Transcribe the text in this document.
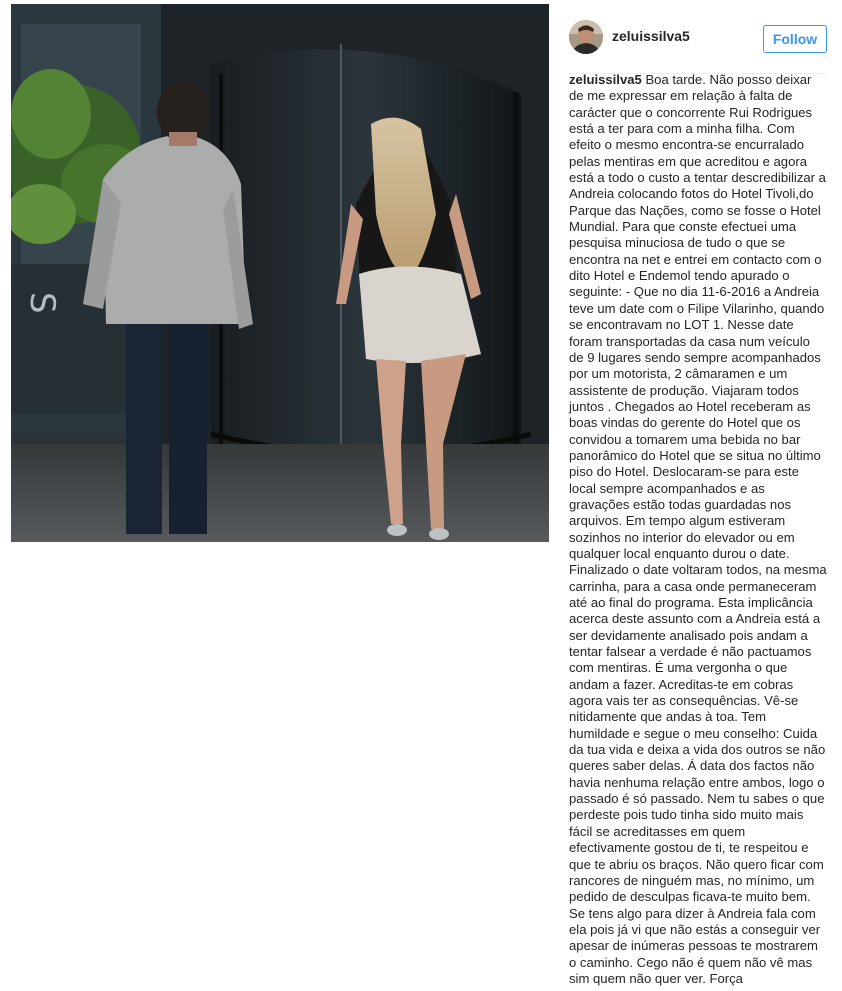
S
zeluissilva5	Follow
zeluissilva5 Boa tarde. Não posso deixar de me expressar em relação à falta de carácter que o concorrente Rui Rodrigues está a ter para com a minha filha. Com efeito o mesmo encontra-se encurralado pelas mentiras em que acreditou e agora está a todo o custo a tentar descredibilizar a Andreia colocando fotos do Hotel Tivoli,do Parque das Nações, como se fosse o Hotel Mundial. Para que conste efectuei uma pesquisa minuciosa de tudo o que se encontra na net e entrei em contacto com o dito Hotel e Endemol tendo apurado o seguinte: - Que no dia 11-6-2016 a Andreia teve um date com o Filipe Vilarinho, quando se encontravam no LOT 1. Nesse date foram transportadas da casa num veículo de 9 lugares sendo sempre acompanhados por um motorista, 2 câmaramen e um assistente de produção. Viajaram todos juntos . Chegados ao Hotel receberam as boas vindas do gerente do Hotel que os convidou a tomarem uma bebida no bar panorâmico do Hotel que se situa no último piso do Hotel. Deslocaram-se para este local sempre acompanhados e as gravações estão todas guardadas nos arquivos. Em tempo algum estiveram sozinhos no interior do elevador ou em qualquer local enquanto durou o date. Finalizado o date voltaram todos, na mesma carrinha, para a casa onde permaneceram até ao final do programa. Esta implicância acerca deste assunto com a Andreia está a ser devidamente analisado pois andam a tentar falsear a verdade é não pactuamos com mentiras. É uma vergonha o que andam a fazer. Acreditas-te em cobras agora vais ter as consequências. Vê-se nitidamente que andas à toa. Tem humildade e segue o meu conselho: Cuida da tua vida e deixa a vida dos outros se não queres saber delas. Á data dos factos não havia nenhuma relação entre ambos, logo o passado é só passado. Nem tu sabes o que perdeste pois tudo tinha sido muito mais fácil se acreditasses em quem efectivamente gostou de ti, te respeitou e que te abriu os braços. Não quero ficar com rancores de ninguém mas, no mínimo, um pedido de desculpas ficava-te muito bem. Se tens algo para dizer à Andreia fala com ela pois já vi que não estás a conseguir ver apesar de inúmeras pessoas te mostrarem o caminho. Cego não é quem não vê mas sim quem não quer ver. Força
